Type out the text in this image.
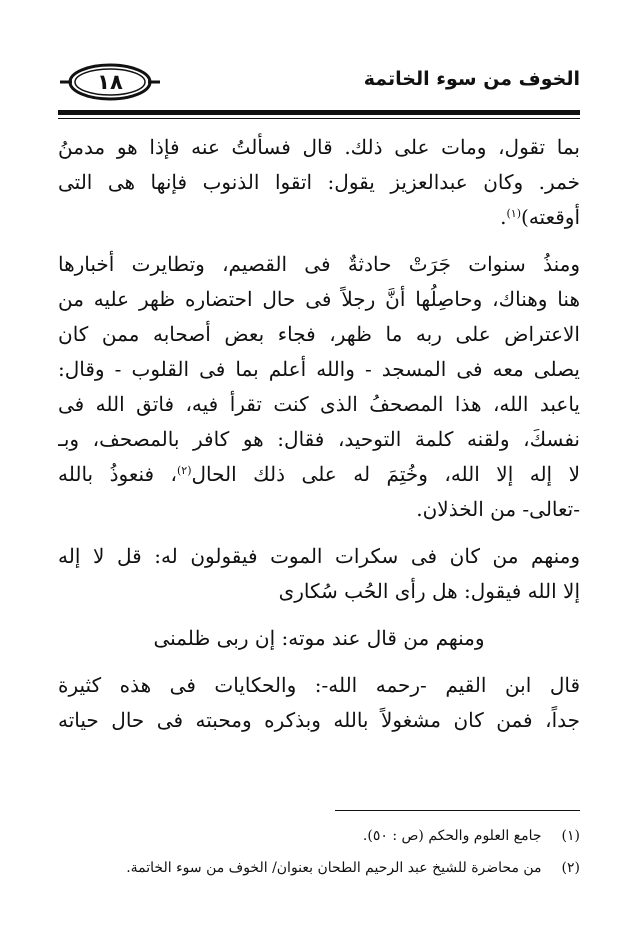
الخوف من سوء الخاتمة
١٨
بما تقول، ومات على ذلك. قال فسألتُ عنه فإذا هو مدمنُ
خمر. وكان عبدالعزيز يقول: اتقوا الذنوب فإنها هى التى
أوقعته)$^{(١)}$.
ومنذُ سنوات جَرَتْ حادثةٌ فى القصيم، وتطايرت أخبارها
هنا وهناك، وحاصِلُها أنَّ رجلاً فى حال احتضاره ظهر عليه من
الاعتراض على ربه ما ظهر، فجاء بعض أصحابه ممن كان
يصلى معه فى المسجد - والله أعلم بما فى القلوب - وقال:
ياعبد الله، هذا المصحفُ الذى كنت تقرأ فيه، فاتق الله فى
نفسكَ، ولقنه كلمة التوحيد، فقال: هو كافر بالمصحف، وبـ
لا إله إلا الله، وخُتِمَ له على ذلك الحال$^{(٢)}$، فنعوذُ بالله
-تعالى- من الخذلان.
ومنهم من كان فى سكرات الموت فيقولون له: قل لا إله
إلا الله فيقول: هل رأى الحُب سُكارى
ومنهم من قال عند موته: إن ربى ظلمنى
قال ابن القيم -رحمه الله-: والحكايات فى هذه كثيرة
جداً، فمن كان مشغولاً بالله وبذكره ومحبته فى حال حياته
(١) جامع العلوم والحكم (ص : ٥٠).
(٢) من محاضرة للشيخ عبد الرحيم الطحان بعنوان/ الخوف من سوء الخاتمة.
